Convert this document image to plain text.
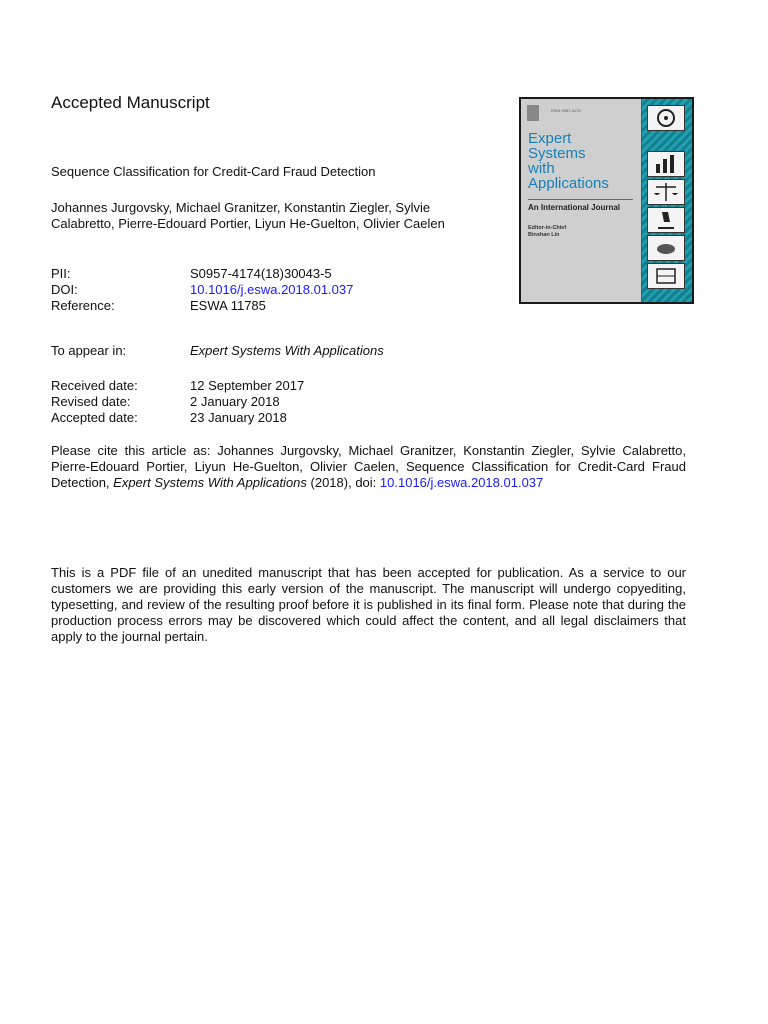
Accepted Manuscript	ISSN 0957-4174
Expert
Systems
with
Applications
An International Journal
Editor-in-Chief
Binshan Lin
Sequence Classification for Credit-Card Fraud Detection
Johannes Jurgovsky, Michael Granitzer, Konstantin Ziegler, Sylvie Calabretto, Pierre-Edouard Portier, Liyun He-Guelton, Olivier Caelen
PII:	S0957-4174(18)30043-5
DOI:	10.1016/j.eswa.2018.01.037
Reference:	ESWA 11785
To appear in:	Expert Systems With Applications
Received date:	12 September 2017
Revised date:	2 January 2018
Accepted date:	23 January 2018
Please cite this article as: Johannes Jurgovsky, Michael Granitzer, Konstantin Ziegler, Sylvie Calabretto, Pierre-Edouard Portier, Liyun He-Guelton, Olivier Caelen, Sequence Classification for Credit-Card Fraud Detection, Expert Systems With Applications (2018), doi: 10.1016/j.eswa.2018.01.037
This is a PDF file of an unedited manuscript that has been accepted for publication. As a service to our customers we are providing this early version of the manuscript. The manuscript will undergo copyediting, typesetting, and review of the resulting proof before it is published in its final form. Please note that during the production process errors may be discovered which could affect the content, and all legal disclaimers that apply to the journal pertain.
